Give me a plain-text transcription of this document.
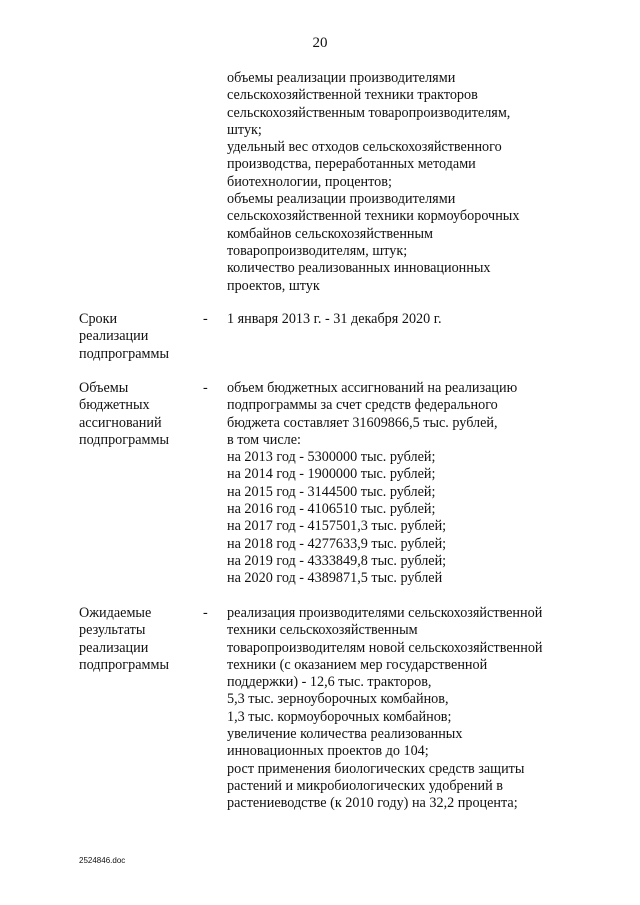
20
объемы реализации производителями
сельскохозяйственной техники тракторов
сельскохозяйственным товаропроизводителям,
штук;
удельный вес отходов сельскохозяйственного
производства, переработанных методами
биотехнологии, процентов;
объемы реализации производителями
сельскохозяйственной техники кормоуборочных
комбайнов сельскохозяйственным
товаропроизводителям, штук;
количество реализованных инновационных
проектов, штук
Сроки
реализации
подпрограммы
- 1 января 2013 г. - 31 декабря 2020 г.
Объемы
бюджетных
ассигнований
подпрограммы
- объем бюджетных ассигнований на реализацию
подпрограммы за счет средств федерального
бюджета составляет 31609866,5 тыс. рублей,
в том числе:
на 2013 год - 5300000 тыс. рублей;
на 2014 год - 1900000 тыс. рублей;
на 2015 год - 3144500 тыс. рублей;
на 2016 год - 4106510 тыс. рублей;
на 2017 год - 4157501,3 тыс. рублей;
на 2018 год - 4277633,9 тыс. рублей;
на 2019 год - 4333849,8 тыс. рублей;
на 2020 год - 4389871,5 тыс. рублей
Ожидаемые
результаты
реализации
подпрограммы
- реализация производителями сельскохозяйственной
техники сельскохозяйственным
товаропроизводителям новой сельскохозяйственной
техники (с оказанием мер государственной
поддержки) - 12,6 тыс. тракторов,
5,3 тыс. зерноуборочных комбайнов,
1,3 тыс. кормоуборочных комбайнов;
увеличение количества реализованных
инновационных проектов до 104;
рост применения биологических средств защиты
растений и микробиологических удобрений в
растениеводстве (к 2010 году) на 32,2 процента;
2524846.doc
